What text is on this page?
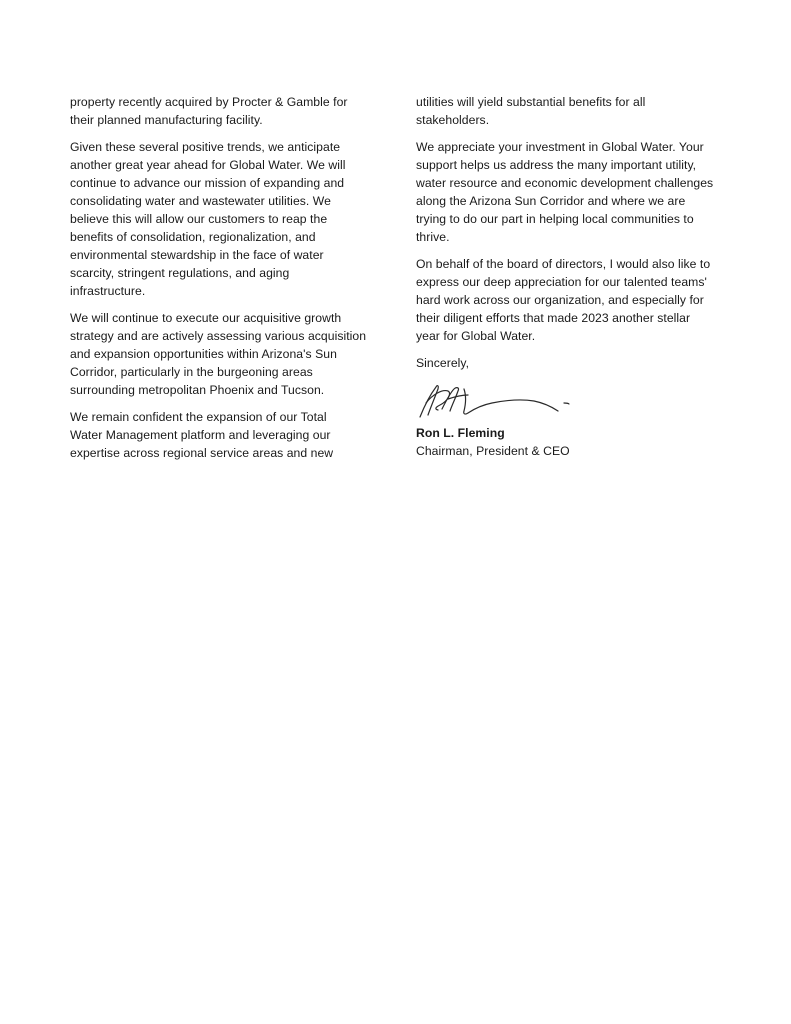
property recently acquired by Procter & Gamble for
their planned manufacturing facility.

Given these several positive trends, we anticipate
another great year ahead for Global Water. We will
continue to advance our mission of expanding and
consolidating water and wastewater utilities. We
believe this will allow our customers to reap the
benefits of consolidation, regionalization, and
environmental stewardship in the face of water
scarcity, stringent regulations, and aging
infrastructure.

We will continue to execute our acquisitive growth
strategy and are actively assessing various acquisition
and expansion opportunities within Arizona's Sun
Corridor, particularly in the burgeoning areas
surrounding metropolitan Phoenix and Tucson.

We remain confident the expansion of our Total
Water Management platform and leveraging our
expertise across regional service areas and new

utilities will yield substantial benefits for all
stakeholders.

We appreciate your investment in Global Water. Your
support helps us address the many important utility,
water resource and economic development challenges
along the Arizona Sun Corridor and where we are
trying to do our part in helping local communities to
thrive.

On behalf of the board of directors, I would also like to
express our deep appreciation for our talented teams'
hard work across our organization, and especially for
their diligent efforts that made 2023 another stellar
year for Global Water.

Sincerely,

Ron L. Fleming
Chairman, President & CEO
